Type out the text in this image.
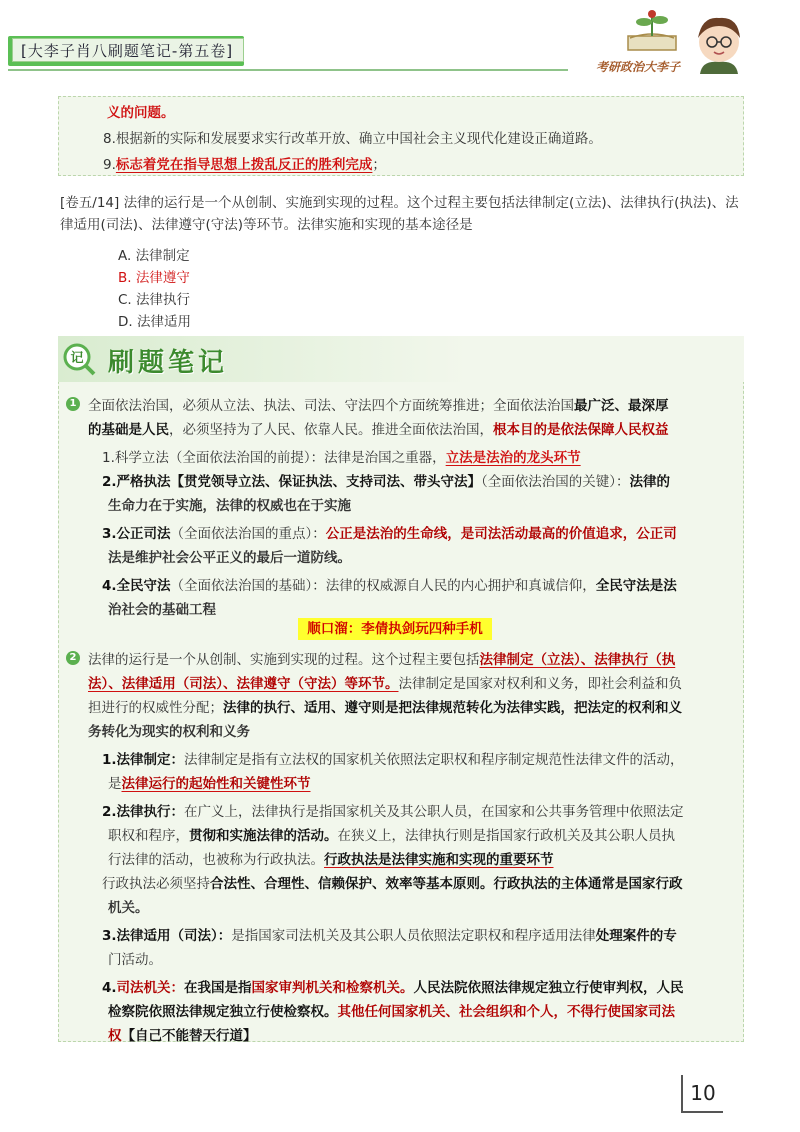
[大李子肖八刷题笔记-第五卷]
考研政治大李子
义的问题。
8.根据新的实际和发展要求实行改革开放、确立中国社会主义现代化建设正确道路。
9.标志着党在指导思想上拨乱反正的胜利完成；
[卷五/14] 法律的运行是一个从创制、实施到实现的过程。这个过程主要包括法律制定(立法)、法律执行(执法)、法律适用(司法)、法律遵守(守法)等环节。法律实施和实现的基本途径是
A. 法律制定
B. 法律遵守
C. 法律执行
D. 法律适用
记 刷题笔记
1 全面依法治国，必须从立法、执法、司法、守法四个方面统筹推进；全面依法治国最广泛、最深厚
的基础是人民，必须坚持为了人民、依靠人民。推进全面依法治国，根本目的是依法保障人民权益
1.科学立法（全面依法治国的前提）：法律是治国之重器，立法是法治的龙头环节
2.严格执法【贯党领导立法、保证执法、支持司法、带头守法】（全面依法治国的关键）：法律的
生命力在于实施，法律的权威也在于实施
3.公正司法（全面依法治国的重点）：公正是法治的生命线，是司法活动最高的价值追求，公正司
法是维护社会公平正义的最后一道防线。
4.全民守法（全面依法治国的基础）：法律的权威源自人民的内心拥护和真诚信仰，全民守法是法
治社会的基础工程
顺口溜：李倩执剑玩四种手机
2 法律的运行是一个从创制、实施到实现的过程。这个过程主要包括法律制定（立法）、法律执行（执
法）、法律适用（司法）、法律遵守（守法）等环节。法律制定是国家对权利和义务，即社会利益和负
担进行的权威性分配；法律的执行、适用、遵守则是把法律规范转化为法律实践，把法定的权利和义
务转化为现实的权利和义务
1.法律制定：法律制定是指有立法权的国家机关依照法定职权和程序制定规范性法律文件的活动，
是法律运行的起始性和关键性环节
2.法律执行：在广义上，法律执行是指国家机关及其公职人员，在国家和公共事务管理中依照法定
职权和程序，贯彻和实施法律的活动。在狭义上，法律执行则是指国家行政机关及其公职人员执
行法律的活动，也被称为行政执法。行政执法是法律实施和实现的重要环节
行政执法必须坚持合法性、合理性、信赖保护、效率等基本原则。行政执法的主体通常是国家行政
机关。
3.法律适用（司法）：是指国家司法机关及其公职人员依照法定职权和程序适用法律处理案件的专
门活动。
4.司法机关：在我国是指国家审判机关和检察机关。人民法院依照法律规定独立行使审判权，人民
检察院依照法律规定独立行使检察权。其他任何国家机关、社会组织和个人，不得行使国家司法
权【自己不能替天行道】
10
